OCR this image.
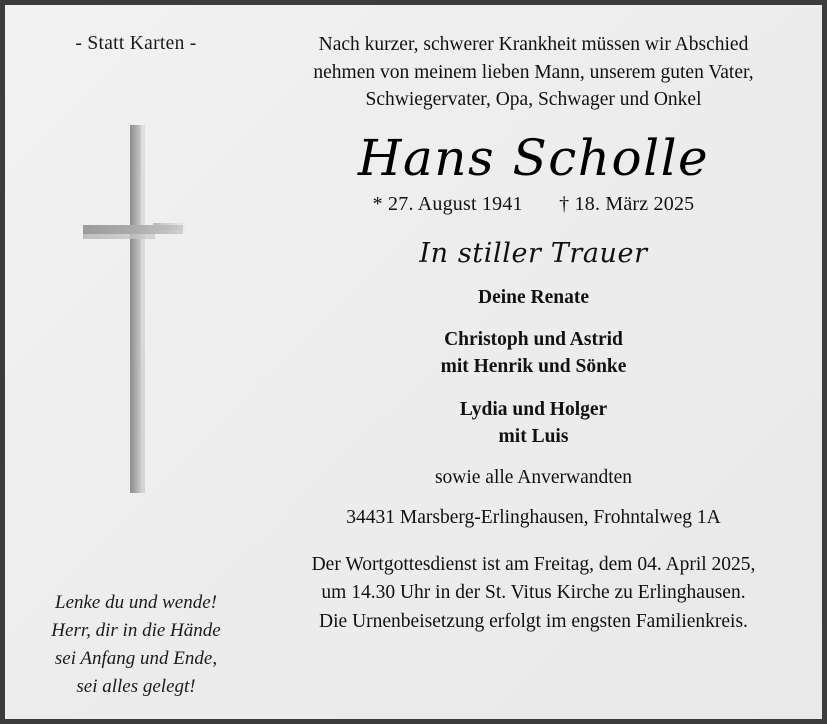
- Statt Karten -
Lenke du und wende!
Herr, dir in die Hände
sei Anfang und Ende,
sei alles gelegt!
Nach kurzer, schwerer Krankheit müssen wir Abschied
nehmen von meinem lieben Mann, unserem guten Vater,
Schwiegervater, Opa, Schwager und Onkel
Hans Scholle
* 27. August 1941 † 18. März 2025
In stiller Trauer
Deine Renate
Christoph und Astrid
mit Henrik und Sönke
Lydia und Holger
mit Luis
sowie alle Anverwandten
34431 Marsberg-Erlinghausen, Frohntalweg 1A
Der Wortgottesdienst ist am Freitag, dem 04. April 2025,
um 14.30 Uhr in der St. Vitus Kirche zu Erlinghausen.
Die Urnenbeisetzung erfolgt im engsten Familienkreis.
